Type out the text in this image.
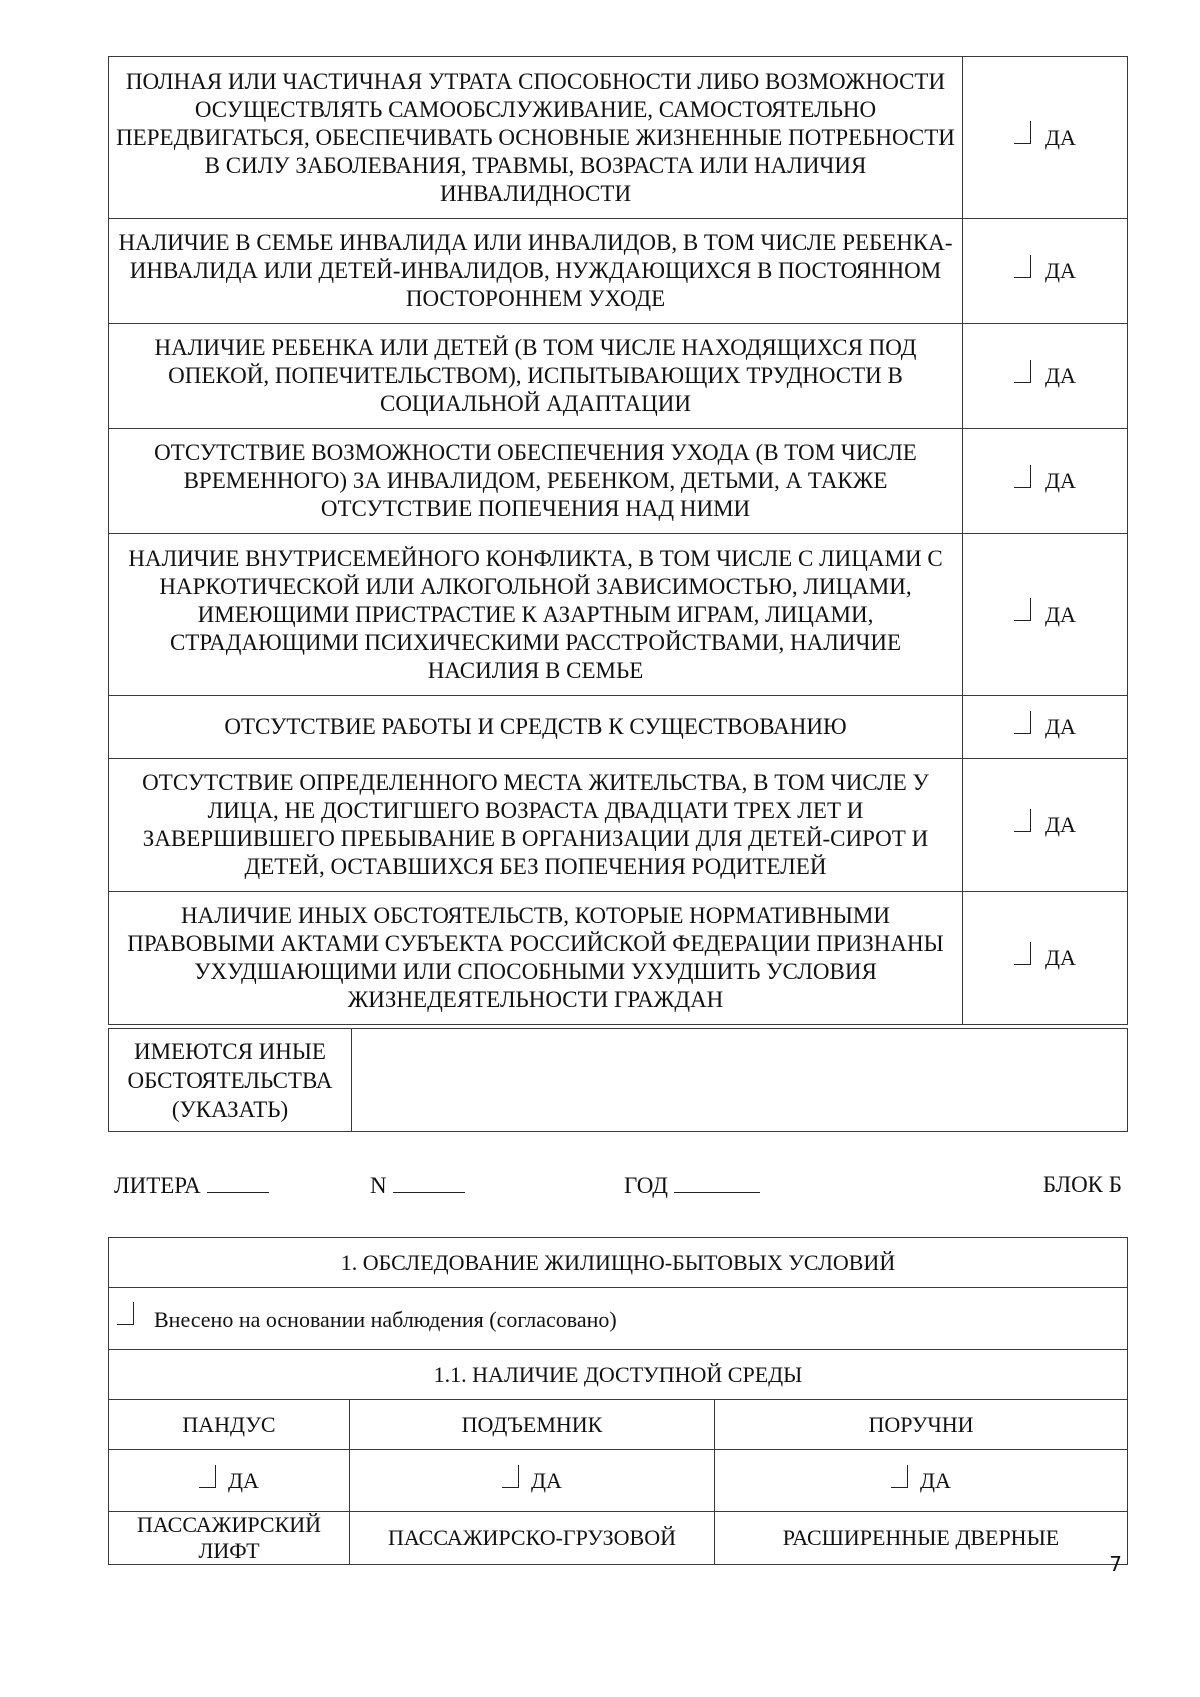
ПОЛНАЯ ИЛИ ЧАСТИЧНАЯ УТРАТА СПОСОБНОСТИ ЛИБО ВОЗМОЖНОСТИ ОСУЩЕСТВЛЯТЬ САМООБСЛУЖИВАНИЕ, САМОСТОЯТЕЛЬНО ПЕРЕДВИГАТЬСЯ, ОБЕСПЕЧИВАТЬ ОСНОВНЫЕ ЖИЗНЕННЫЕ ПОТРЕБНОСТИ В СИЛУ ЗАБОЛЕВАНИЯ, ТРАВМЫ, ВОЗРАСТА ИЛИ НАЛИЧИЯ ИНВАЛИДНОСТИ	ДА

НАЛИЧИЕ В СЕМЬЕ ИНВАЛИДА ИЛИ ИНВАЛИДОВ, В ТОМ ЧИСЛЕ РЕБЕНКА-ИНВАЛИДА ИЛИ ДЕТЕЙ-ИНВАЛИДОВ, НУЖДАЮЩИХСЯ В ПОСТОЯННОМ ПОСТОРОННЕМ УХОДЕ	ДА

НАЛИЧИЕ РЕБЕНКА ИЛИ ДЕТЕЙ (В ТОМ ЧИСЛЕ НАХОДЯЩИХСЯ ПОД ОПЕКОЙ, ПОПЕЧИТЕЛЬСТВОМ), ИСПЫТЫВАЮЩИХ ТРУДНОСТИ В СОЦИАЛЬНОЙ АДАПТАЦИИ	ДА

ОТСУТСТВИЕ ВОЗМОЖНОСТИ ОБЕСПЕЧЕНИЯ УХОДА (В ТОМ ЧИСЛЕ ВРЕМЕННОГО) ЗА ИНВАЛИДОМ, РЕБЕНКОМ, ДЕТЬМИ, А ТАКЖЕ ОТСУТСТВИЕ ПОПЕЧЕНИЯ НАД НИМИ	ДА

НАЛИЧИЕ ВНУТРИСЕМЕЙНОГО КОНФЛИКТА, В ТОМ ЧИСЛЕ С ЛИЦАМИ С НАРКОТИЧЕСКОЙ ИЛИ АЛКОГОЛЬНОЙ ЗАВИСИМОСТЬЮ, ЛИЦАМИ, ИМЕЮЩИМИ ПРИСТРАСТИЕ К АЗАРТНЫМ ИГРАМ, ЛИЦАМИ, СТРАДАЮЩИМИ ПСИХИЧЕСКИМИ РАССТРОЙСТВАМИ, НАЛИЧИЕ НАСИЛИЯ В СЕМЬЕ	ДА

ОТСУТСТВИЕ РАБОТЫ И СРЕДСТВ К СУЩЕСТВОВАНИЮ	ДА

ОТСУТСТВИЕ ОПРЕДЕЛЕННОГО МЕСТА ЖИТЕЛЬСТВА, В ТОМ ЧИСЛЕ У ЛИЦА, НЕ ДОСТИГШЕГО ВОЗРАСТА ДВАДЦАТИ ТРЕХ ЛЕТ И ЗАВЕРШИВШЕГО ПРЕБЫВАНИЕ В ОРГАНИЗАЦИИ ДЛЯ ДЕТЕЙ-СИРОТ И ДЕТЕЙ, ОСТАВШИХСЯ БЕЗ ПОПЕЧЕНИЯ РОДИТЕЛЕЙ	ДА

НАЛИЧИЕ ИНЫХ ОБСТОЯТЕЛЬСТВ, КОТОРЫЕ НОРМАТИВНЫМИ ПРАВОВЫМИ АКТАМИ СУБЪЕКТА РОССИЙСКОЙ ФЕДЕРАЦИИ ПРИЗНАНЫ УХУДШАЮЩИМИ ИЛИ СПОСОБНЫМИ УХУДШИТЬ УСЛОВИЯ ЖИЗНЕДЕЯТЕЛЬНОСТИ ГРАЖДАН	ДА
ИМЕЮТСЯ ИНЫЕ ОБСТОЯТЕЛЬСТВА (УКАЗАТЬ)	
ЛИТЕРА	N	ГОД	БЛОК Б
1. ОБСЛЕДОВАНИЕ ЖИЛИЩНО-БЫТОВЫХ УСЛОВИЙ		
Внесено на основании наблюдения (согласовано)		
1.1. НАЛИЧИЕ ДОСТУПНОЙ СРЕДЫ		
ПАНДУС	ПОДЪЕМНИК	ПОРУЧНИ

ДА	ДА	ДА

ПАССАЖИРСКИЙ ЛИФТ	ПАССАЖИРСКО-ГРУЗОВОЙ	РАСШИРЕННЫЕ ДВЕРНЫЕ
7
